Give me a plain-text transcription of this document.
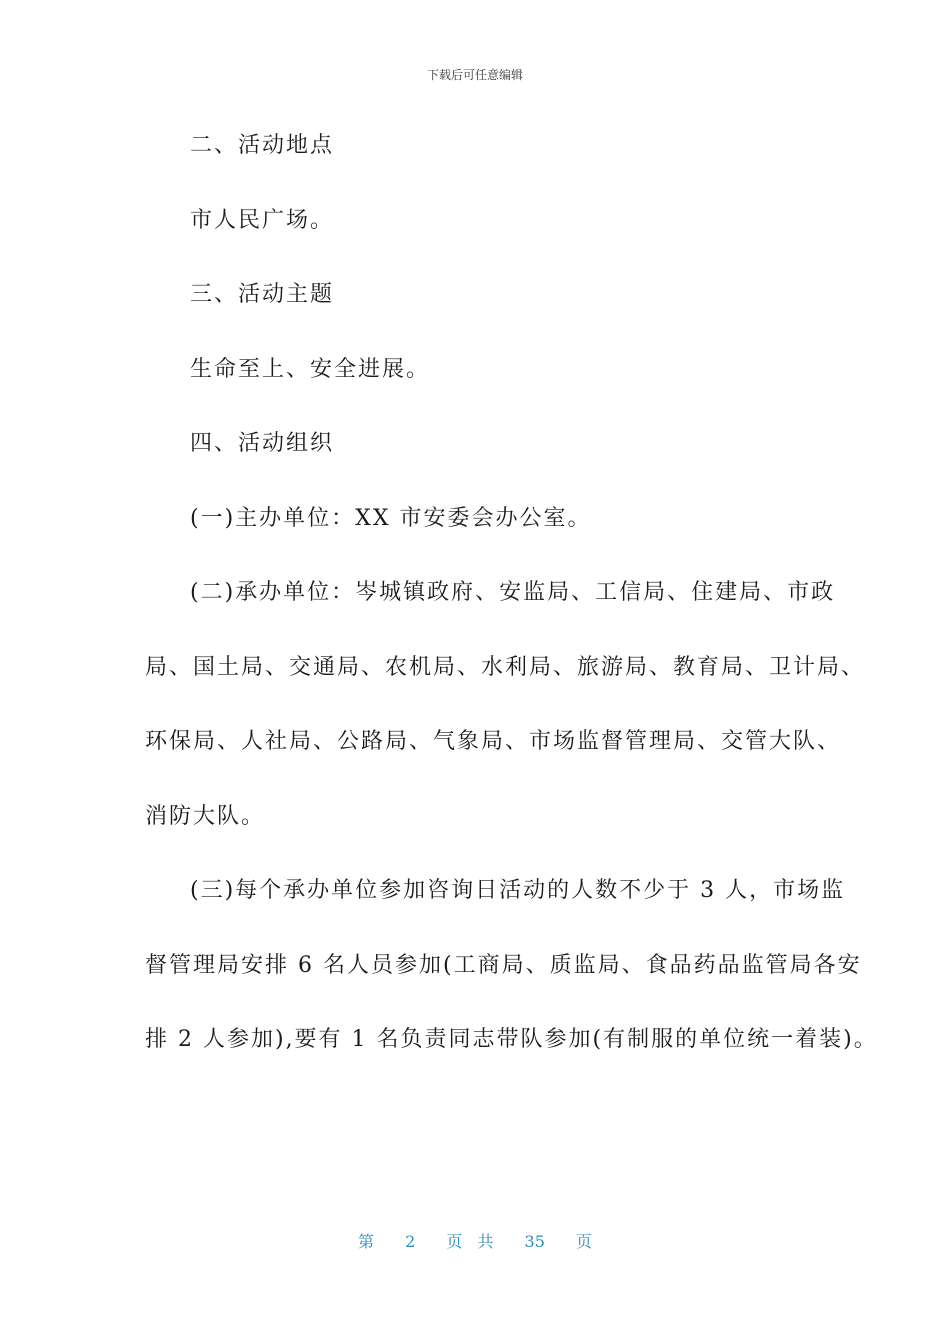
下载后可任意编辑
二、活动地点
市人民广场。
三、活动主题
生命至上、安全进展。
四、活动组织
(一)主办单位：XX 市安委会办公室。
(二)承办单位：岑城镇政府、安监局、工信局、住建局、市政
局、国土局、交通局、农机局、水利局、旅游局、教育局、卫计局、
环保局、人社局、公路局、气象局、市场监督管理局、交管大队、
消防大队。
(三)每个承办单位参加咨询日活动的人数不少于 3 人，市场监
督管理局安排 6 名人员参加(工商局、质监局、食品药品监管局各安
排 2 人参加),要有 1 名负责同志带队参加(有制服的单位统一着装)。
第 2 页 共 35 页
